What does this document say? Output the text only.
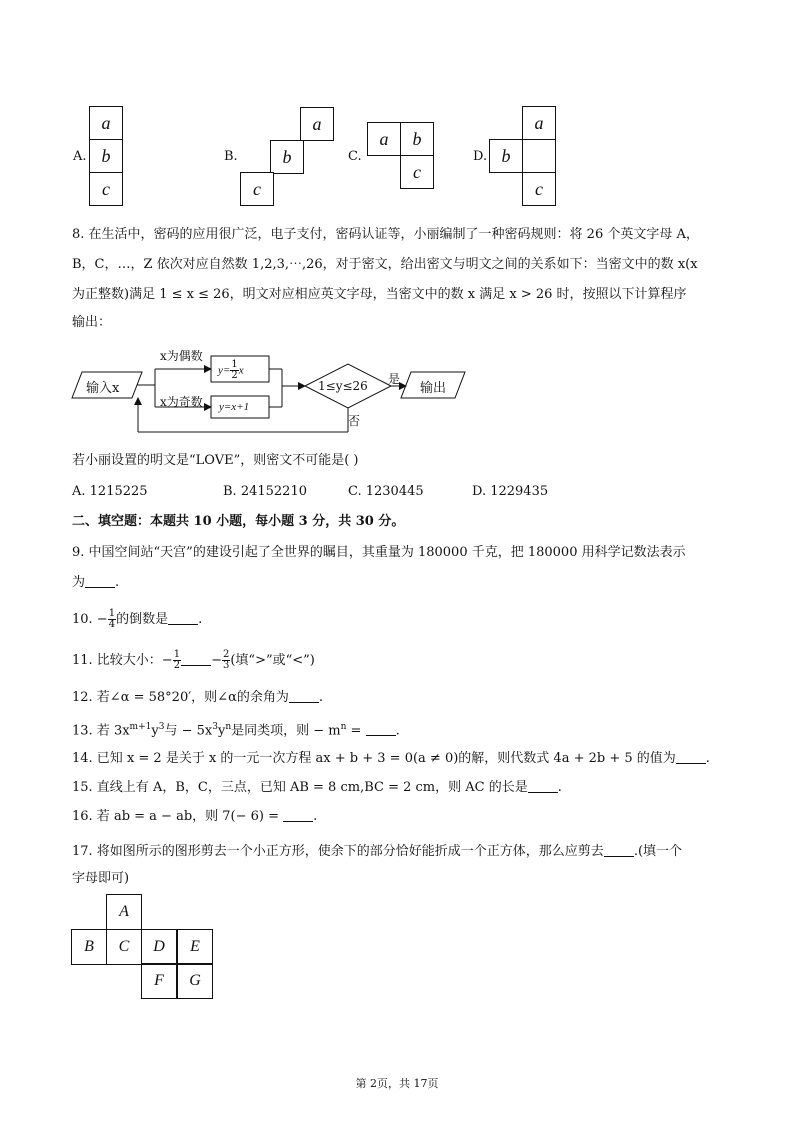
A.
a
b
c
B.
a
b
c
C.
a	b
c
D.
a
b
c
8. 在生活中，密码的应用很广泛，电子支付，密码认证等，小丽编制了一种密码规则：将 26 个英文字母 A，
B，C，…，Z 依次对应自然数 1,2,3,⋯,26，对于密文，给出密文与明文之间的关系如下：当密文中的数 x(x
为正整数)满足 1 ≤ x ≤ 26，明文对应相应英文字母，当密文中的数 x 满足 x > 26 时，按照以下计算程序
输出：
输入x
x为偶数
x为奇数
$y= \frac{1}{2}$ x
y=x+1
1≤y≤26 是
否
输出
若小丽设置的明文是“LOVE”，则密文不可能是( )
A. 1215225	B. 24152210	C. 1230445	D. 1229435
二、填空题：本题共 10 小题，每小题 3 分，共 30 分。
9. 中国空间站“天宫”的建设引起了全世界的瞩目，其重量为 180000 千克，把 180000 用科学记数法表示
为 .
10. − $\frac{1}{4}$ 的倒数是 .
11. 比较大小：− $\frac{1}{2} - \frac{2}{3}$ (填“>”或“<”)
12. 若∠α = 58°20′，则∠α的余角为 .
13. 若 $3x^{m+1}y^3$与 − $5x^3y^n$是同类项，则 − $m^n$ = .
14. 已知 x = 2 是关于 x 的一元一次方程 ax + b + 3 = 0(a ≠ 0)的解，则代数式 4a + 2b + 5 的值为 .
15. 直线上有 A，B，C，三点，已知 AB = 8 cm,BC = 2 cm，则 AC 的长是 .
16. 若 ab = a − ab，则 7(− 6) = .
17. 将如图所示的图形剪去一个小正方形，使余下的部分恰好能折成一个正方体，那么应剪去 .(填一个
字母即可)
A
B	C	D	E
F	G
第 2页，共 17页
